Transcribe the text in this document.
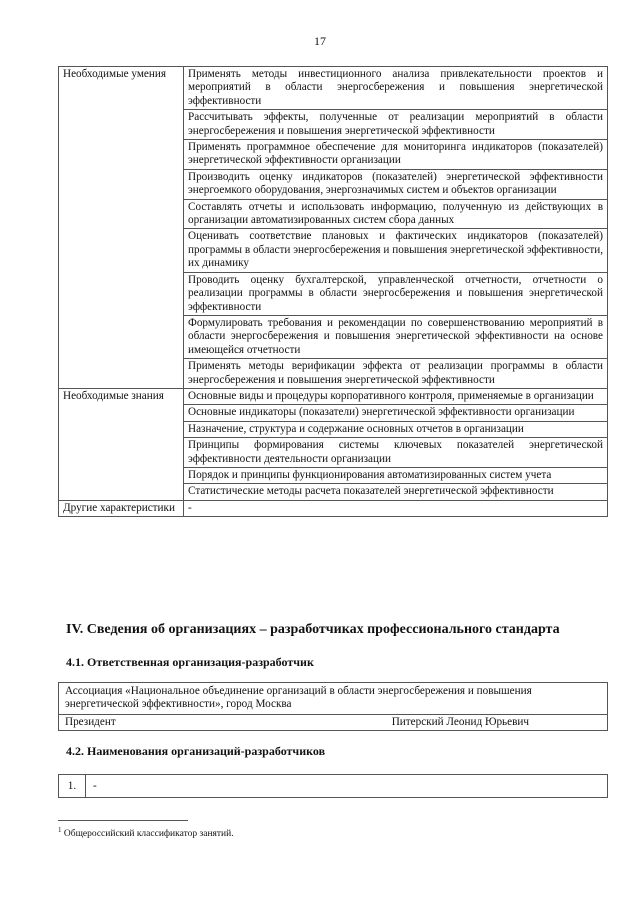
17
Необходимые умения	Применять методы инвестиционного анализа привлекательности проектов и мероприятий в области энергосбережения и повышения энергетической эффективности
	Рассчитывать эффекты, полученные от реализации мероприятий в области энергосбережения и повышения энергетической эффективности
	Применять программное обеспечение для мониторинга индикаторов (показателей) энергетической эффективности организации
	Производить оценку индикаторов (показателей) энергетической эффективности энергоемкого оборудования, энергозначимых систем и объектов организации
	Составлять отчеты и использовать информацию, полученную из действующих в организации автоматизированных систем сбора данных
	Оценивать соответствие плановых и фактических индикаторов (показателей) программы в области энергосбережения и повышения энергетической эффективности, их динамику
	Проводить оценку бухгалтерской, управленческой отчетности, отчетности о реализации программы в области энергосбережения и повышения энергетической эффективности
	Формулировать требования и рекомендации по совершенствованию мероприятий в области энергосбережения и повышения энергетической эффективности на основе имеющейся отчетности
	Применять методы верификации эффекта от реализации программы в области энергосбережения и повышения энергетической эффективности
Необходимые знания	Основные виды и процедуры корпоративного контроля, применяемые в организации
	Основные индикаторы (показатели) энергетической эффективности организации
	Назначение, структура и содержание основных отчетов в организации
	Принципы формирования системы ключевых показателей энергетической эффективности деятельности организации
	Порядок и принципы функционирования автоматизированных систем учета
	Статистические методы расчета показателей энергетической эффективности
Другие характеристики	-
IV. Сведения об организациях – разработчиках профессионального стандарта
4.1. Ответственная организация-разработчик
Ассоциация «Национальное объединение организаций в области энергосбережения и повышения энергетической эффективности», город Москва
Президент	Питерский Леонид Юрьевич
4.2. Наименования организаций-разработчиков
1.	-
$^1$ Общероссийский классификатор занятий.
